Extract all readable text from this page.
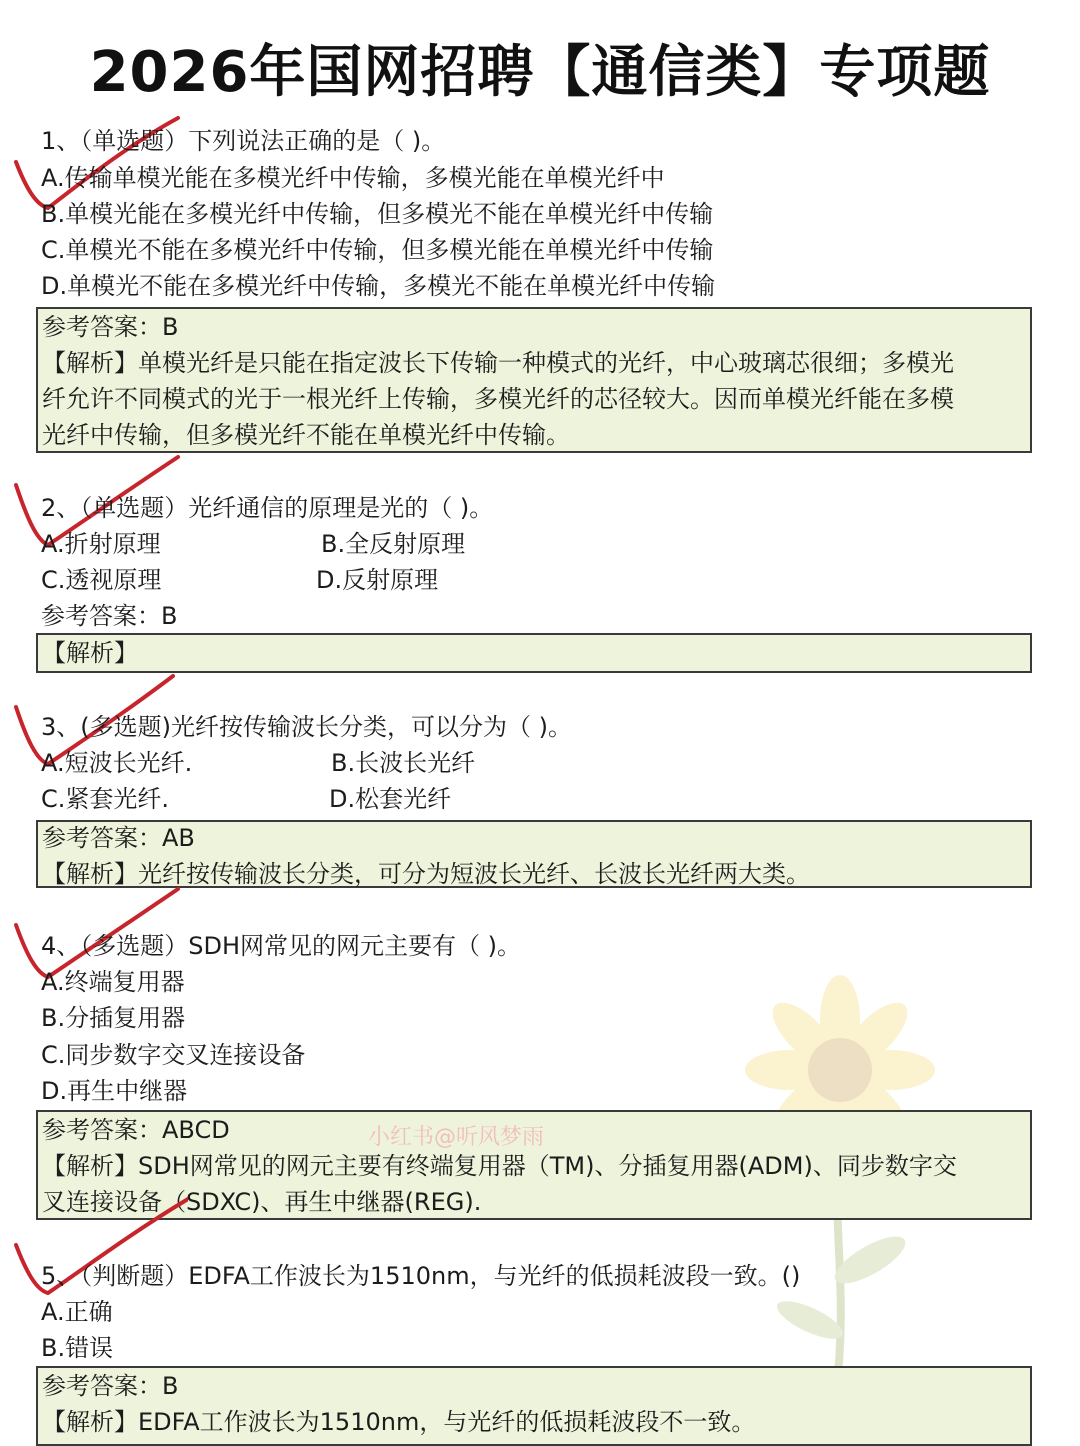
2026年国网招聘【通信类】专项题
1、（单选题）下列说法正确的是（ )。
A.传输单模光能在多模光纤中传输，多模光能在单模光纤中
B.单模光能在多模光纤中传输，但多模光不能在单模光纤中传输
C.单模光不能在多模光纤中传输，但多模光能在单模光纤中传输
D.单模光不能在多模光纤中传输，多模光不能在单模光纤中传输
参考答案：B
【解析】单模光纤是只能在指定波长下传输一种模式的光纤，中心玻璃芯很细；多模光
纤允许不同模式的光于一根光纤上传输，多模光纤的芯径较大。因而单模光纤能在多模
光纤中传输，但多模光纤不能在单模光纤中传输。
2、（单选题）光纤通信的原理是光的（ )。
A.折射原理	B.全反射原理
C.透视原理	D.反射原理
参考答案：B
【解析】
3、(多选题)光纤按传输波长分类，可以分为（ )。
A.短波长光纤.	B.长波长光纤
C.紧套光纤.	D.松套光纤
参考答案：AB
【解析】光纤按传输波长分类，可分为短波长光纤、长波长光纤两大类。
4、（多选题）SDH网常见的网元主要有（ )。
A.终端复用器
B.分插复用器
C.同步数字交叉连接设备
D.再生中继器
参考答案：ABCD
【解析】SDH网常见的网元主要有终端复用器（TM)、分插复用器(ADM)、同步数字交
叉连接设备（SDXC)、再生中继器(REG).
小红书@听风梦雨
5、（判断题）EDFA工作波长为1510nm，与光纤的低损耗波段一致。()
A.正确
B.错误
参考答案：B
【解析】EDFA工作波长为1510nm，与光纤的低损耗波段不一致。
